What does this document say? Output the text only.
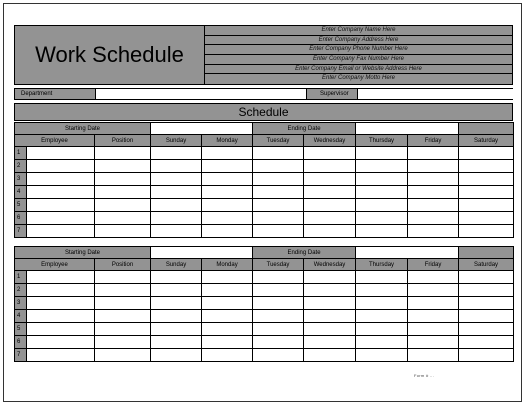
Work Schedule
Enter Company Name Here
Enter Company Address Here
Enter Company Phone Number Here
Enter Company Fax Number Here
Enter Company Email or Website Address Here
Enter Company Motto Here
Department	Supervisor
Schedule
Starting Date					Ending Date				
Employee		Position	Sunday	Monday	Tuesday	Wednesday	Thursday	Friday	Saturday
1									
2									
3									
4									
5									
6									
7									
Starting Date					Ending Date				
Employee		Position	Sunday	Monday	Tuesday	Wednesday	Thursday	Friday	Saturday
1									
2									
3									
4									
5									
6									
7									
Form # ...
